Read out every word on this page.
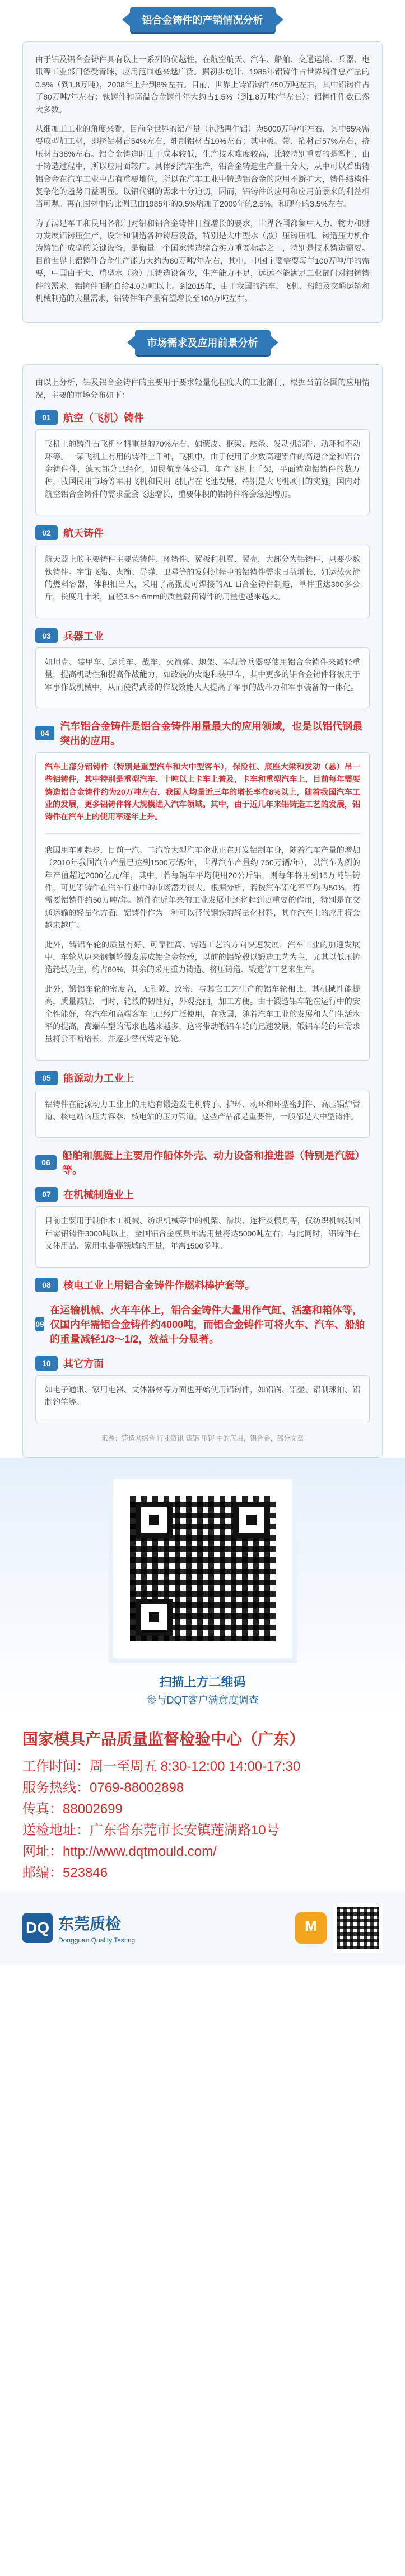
铝合金铸件的产销情况分析

由于铝及铝合金铸件具有以上一系列的优越性，在航空航天、汽车、船舶、交通运输、兵器、电讯等工业部门备受青睐，应用范围越来越广泛。据初步统计，1985年铝铸件占世界铸件总产量的0.5%（到1.8万吨），2008年上升到8%左右。目前，世界上铸铝铸件450万吨左右，其中铝铸件占了80万吨/年左右；钛铸件和高温合金铸件年大约占1.5%（到1.8万吨/年左右）；铝铸件件数已然大多数。

从细加工工业的角度来看，目前全世界的铝产量（包括再生铝）为5000万吨/年左右，其中65%需要成型加工材，即挤铝材占54%左右，轧制铝材占10%左右；其中板、带、箔材占57%左右，挤压材占38%左右。铝合金铸造时由于成本较低，生产技术难度较高，比较特别重要的是塑性，由于铸造过程中，所以应用面较广。具体到汽车生产，铝合金铸造生产量十分大，从中可以看出铸铝合金在汽车工业中占有重要地位，所以在汽车工业中铸造铝合金的应用不断扩大，铸件结构件复杂化的趋势日益明显。以铝代钢的需求十分迫切，因而，铝铸件的应用和应用前景来的利益相当可观。再在国材中的比例已由1985年的0.5%增加了2009年的2.5%，和现在的3.5%左右。

为了满足军工和民用各部门对铝和铝合金铸件日益增长的要求，世界各国都集中人力、物力和财力发展铝铸压生产，设计和制造各种铸压设备，特别是大中型水（液）压铸压机。铸造压力机作为铸铝件成型的关键设备，是衡量一个国家铸造综合实力重要标志之一，特别是技术铸造需要。目前世界上铝铸件合金生产能力大约为80万吨/年左右，其中，中国主要需要每年100万吨/年的需要，中国由于大、重型水（液）压铸造设备少，生产能力不足，远远不能满足工业部门对铝铸铸件的需求，铝铸件毛胚自给4.0万吨以上。到2015年，由于我国的汽车、飞机、船舶及交通运输和机械制造的大量需求，铝铸件年产量有望增长至100万吨左右。

市场需求及应用前景分析

由以上分析，铝及铝合金铸件的主要用于要求轻量化程度大的工业部门，根据当前各国的应用情况，主要的市场分布如下：

01	航空（飞机）铸件

飞机上的铸件占飞机材料重量的70%左右，如蒙皮、框架、舷条、发动机部件、动环和不动环等。一架飞机上有用的铸件上千种，飞机中，由于使用了少数高速铝件的高速合金和铝合金铸件件，德大部分已经化，如民航宽体公司，年产飞机上千架，平面铸造铝铸件的数万种，我国民用市场等军用飞机和民用飞机占在飞速发展，特别是大飞机项目的实施，国内对航空铝合金铸件的需求量会飞速增长，重要体积的铝铸件将会急速增加。

02	航天铸件

航天器上的主要铸件主要蒙铸件、环铸件、翼板和机翼、翼壳，大部分为铝铸件，只要少数钛铸件。宇宙飞船、火箭、导弹、卫星等的发射过程中的铝铸件需求日益增长，如运载火箭的燃料容器，体积相当大，采用了高强度可焊接的AL-Li合金铸件制造，单件重达300多公斤，长度几十米，直径3.5～6mm的质量载荷铸件的用量也越来越大。

03	兵器工业

如坦克、装甲车、运兵车、战车、火箭弹、炮架、军舰等兵器要使用铝合金铸件来减轻重量，提高机动性和提高作战能力，如改装的火炮和装甲车，其中更多的铝合金铸件将被用于军事作战机械中，从而使得武器的作战效能大大提高了军事的战斗力和军事装备的一体化。

04
汽车铝合金铸件是铝合金铸件用量最大的应用领域，也是以铝代钢最突出的应用。

汽车上部分铝铸件（特别是重型汽车和大中型客车），保险杠、底座大梁和发动（悬）吊一些铝铸件，其中特别是重型汽车、十吨以上卡车上普及，卡车和重型汽车上，目前每年需要铸造铝合金铸件约为20万吨左右，我国人均量近三年的增长率在8%以上，随着我国汽车工业的发展，更多铝铸件将大规模进入汽车领域。其中，由于近几年来铝铸造工艺的发展，铝铸件在汽车上的使用率逐年上升。

我国用车刚起步，目前一汽、二汽等大型汽车企业正在开发铝制车身，随着汽车产量的增加（2010年我国汽车产量已达到1500万辆/年，世界汽车产量约 750万辆/年），以汽车为例的年产值超过2000亿元/年，其中，若每辆车平均使用20公斤铝，则每年将用到15万吨铝铸件，可见铝铸件在汽车行业中的市场潜力很大。根据分析，若按汽车铝化率平均为50%，将需要铝铸件约50万吨/年。铸件在近年来的工业发展中还将起到更重要的作用，特别是在交通运输的轻量化方面。铝铸件作为一种可以替代钢铁的轻量化材料，其在汽车上的应用将会越来越广。

此外，铸铝车轮的质量有好、可靠性高、铸造工艺的方向快速发展，汽车工业的加速发展中，车轮从原来钢制轮毂发展成铝合金轮毂，以前的铝轮毂以锻造工艺为主，尤其以低压铸造轮毂为主，约占80%，其余的采用重力铸造、挤压铸造、锻造等工艺来生产。

此外，锻铝车轮的密度高，无孔隙、致密，与其它工艺生产的铝车轮相比，其机械性能提高，质量减轻，同时，轮毂的韧性好，外观亮丽，加工方便。由于锻造铝车轮在运行中的安全性能好，在汽车和高端客车上已经广泛使用，在我国，随着汽车工业的发展和人们生活水平的提高，高端车型的需求也越来越多，这将带动锻铝车轮的迅速发展，锻铝车轮的年需求量将会不断增长，并逐步替代铸造车轮。

05	能源动力工业上

铝铸件在能源动力工业上的用途有锻造发电机转子、护环、动环和环型密封件、高压锅炉管道、核电站的压力容器、核电站的压力管道。这些产品都是重要件，一般都是大中型铸件。

06
船舶和舰艇上主要用作船体外壳、动力设备和推进器（特别是汽艇）等。
07	在机械制造业上

目前主要用于制作木工机械、纺织机械等中的机架、滑块、连杆及模具等，仅纺织机械我国年需铝铸件3000吨以上，全国铝合金模具年需用量将达5000吨左右；与此同时，铝铸件在文体用品、家用电器等领域的用量，年需1500多吨。

08	核电工业上用铝合金铸件作燃料棒护套等。
09
在运输机械、火车车体上，铝合金铸件大量用作气缸、活塞和箱体等，仅国内年需铝合金铸件约4000吨，而铝合金铸件可将火车、汽车、船舶的重量减轻1/3～1/2，效益十分显著。
10	其它方面

如电子通讯、家用电器、文体器材等方面也开始使用铝铸件，如铝锅、铝壶、铝制球拍、铝制钓竿等。

来源：铸造网综合 行业资讯 铸铝 压铸 中的应用，铝合金，部分文章
扫描上方二维码
参与DQT客户满意度调查
国家模具产品质量监督检验中心（广东）
工作时间：周一至周五 8:30-12:00 14:00-17:30
服务热线：0769-88002898
传真：88002699
送检地址：广东省东莞市长安镇莲湖路10号
网址：http://www.dqtmould.com/
邮编：523846
DQ 东莞质检
Dongguan Quality Testing
M
